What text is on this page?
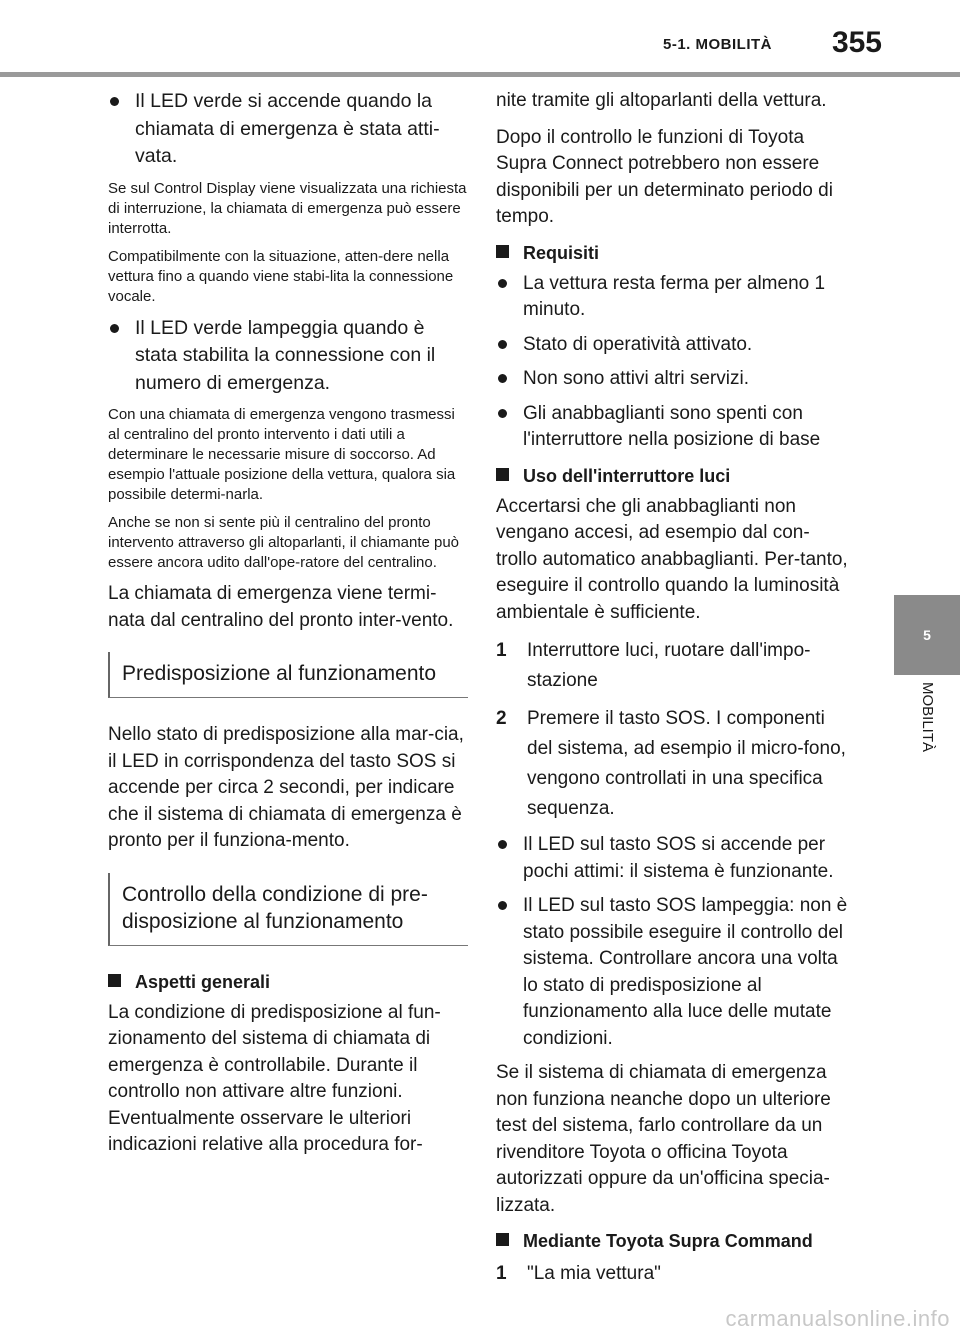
5-1. MOBILITÀ 355
5
MOBILITÀ
Il LED verde si accende quando la chiamata di emergenza è stata atti-vata.

Se sul Control Display viene visualizzata una richiesta di interruzione, la chiamata di emergenza può essere interrotta.

Compatibilmente con la situazione, atten-dere nella vettura fino a quando viene stabi-lita la connessione vocale.

Il LED verde lampeggia quando è stata stabilita la connessione con il numero di emergenza.

Con una chiamata di emergenza vengono trasmessi al centralino del pronto intervento i dati utili a determinare le necessarie misure di soccorso. Ad esempio l'attuale posizione della vettura, qualora sia possibile determi-narla.

Anche se non si sente più il centralino del pronto intervento attraverso gli altoparlanti, il chiamante può essere ancora udito dall'ope-ratore del centralino.

La chiamata di emergenza viene termi-nata dal centralino del pronto inter-vento.

Predisposizione al funzionamento

Nello stato di predisposizione alla mar-cia, il LED in corrispondenza del tasto SOS si accende per circa 2 secondi, per indicare che il sistema di chiamata di emergenza è pronto per il funziona-mento.

Controllo della condizione di pre-disposizione al funzionamento
Aspetti generali

La condizione di predisposizione al fun-zionamento del sistema di chiamata di emergenza è controllabile. Durante il controllo non attivare altre funzioni. Eventualmente osservare le ulteriori indicazioni relative alla procedura for-

nite tramite gli altoparlanti della vettura.

Dopo il controllo le funzioni di Toyota Supra Connect potrebbero non essere disponibili per un determinato periodo di tempo.

Requisiti
La vettura resta ferma per almeno 1 minuto.
Stato di operatività attivato.
Non sono attivi altri servizi.
Gli anabbaglianti sono spenti con l'interruttore nella posizione di base
Uso dell'interruttore luci

Accertarsi che gli anabbaglianti non vengano accesi, ad esempio dal con-trollo automatico anabbaglianti. Per-tanto, eseguire il controllo quando la luminosità ambientale è sufficiente.

1 Interruttore luci, ruotare dall'impo-stazione
2 Premere il tasto SOS. I componenti del sistema, ad esempio il micro-fono, vengono controllati in una specifica sequenza.
Il LED sul tasto SOS si accende per pochi attimi: il sistema è funzionante.
Il LED sul tasto SOS lampeggia: non è stato possibile eseguire il controllo del sistema. Controllare ancora una volta lo stato di predisposizione al funzionamento alla luce delle mutate condizioni.

Se il sistema di chiamata di emergenza non funziona neanche dopo un ulteriore test del sistema, farlo controllare da un rivenditore Toyota o officina Toyota autorizzati oppure da un'officina specia-lizzata.

Mediante Toyota Supra Command
1 "La mia vettura"
carmanualsonline.info
